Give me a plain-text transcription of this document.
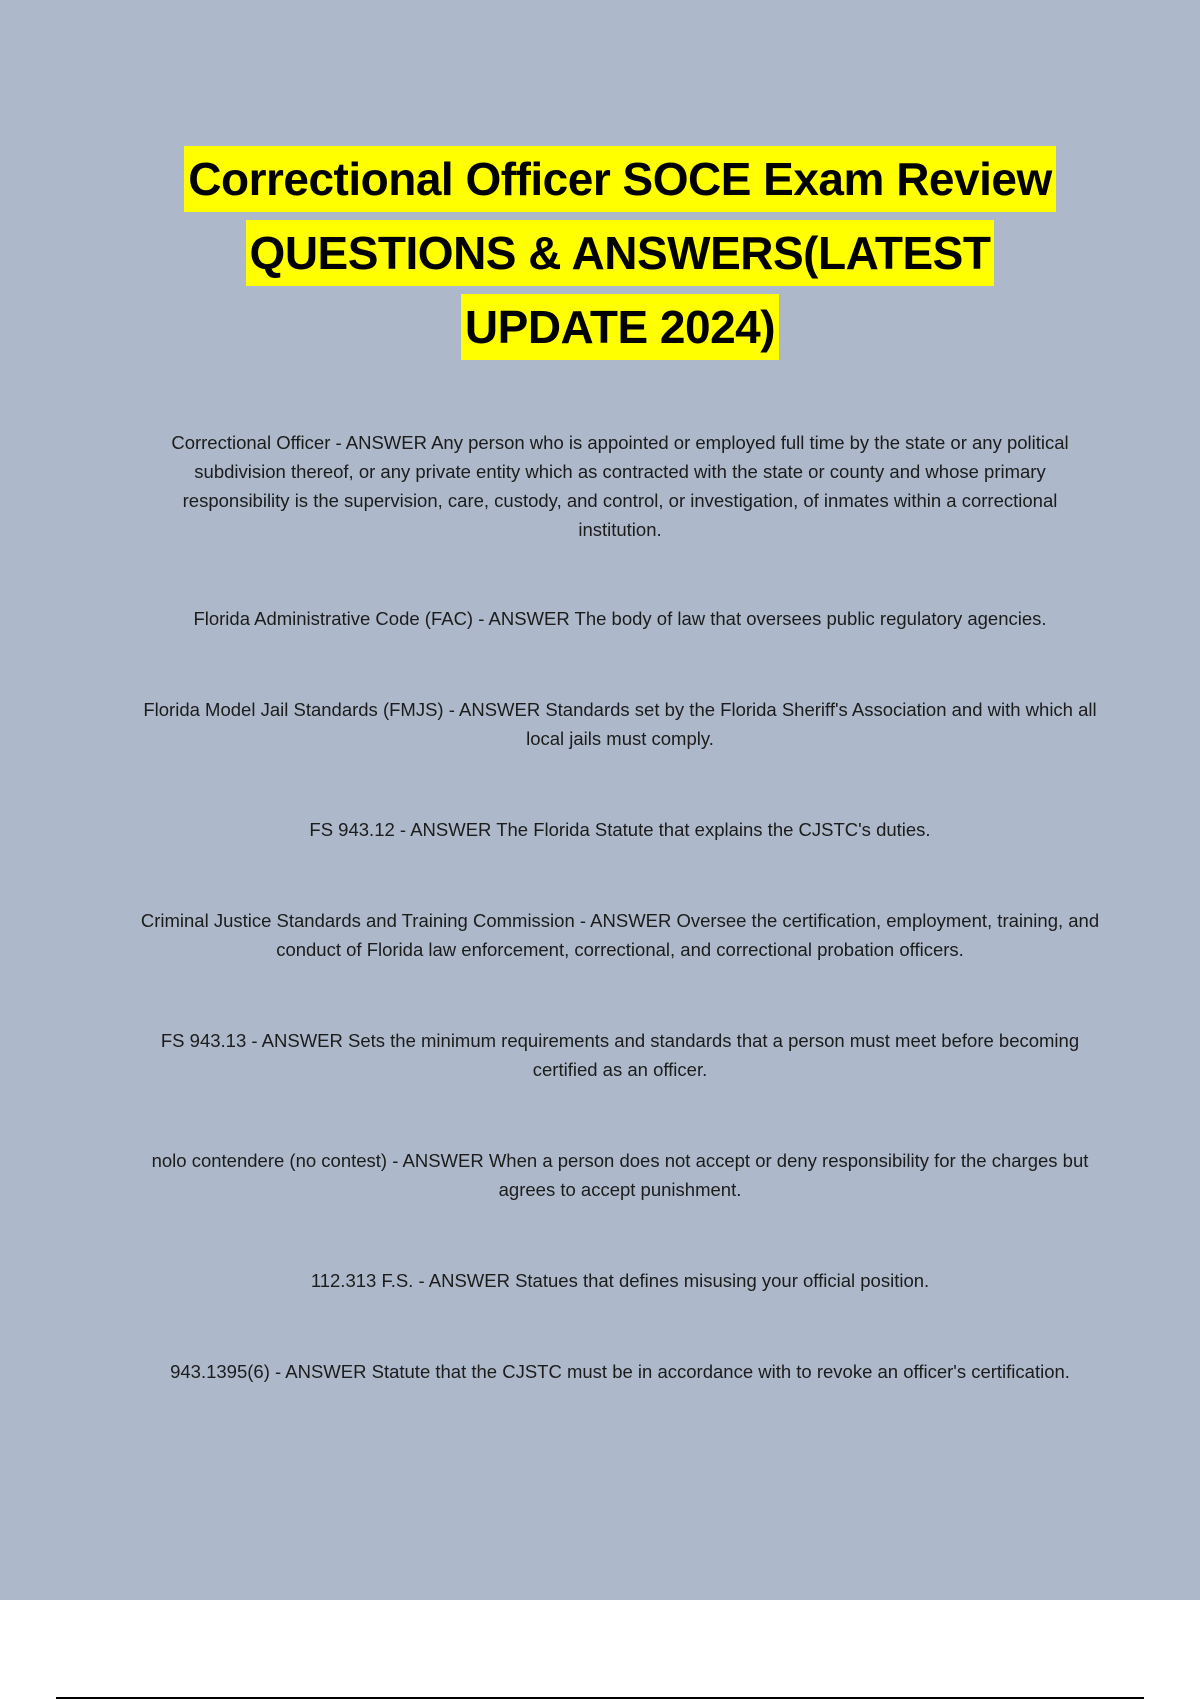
Correctional Officer SOCE Exam Review
QUESTIONS & ANSWERS(LATEST
UPDATE 2024)

Correctional Officer - ANSWER Any person who is appointed or employed full time by the state or any political subdivision thereof, or any private entity which as contracted with the state or county and whose primary responsibility is the supervision, care, custody, and control, or investigation, of inmates within a correctional institution.

Florida Administrative Code (FAC) - ANSWER The body of law that oversees public regulatory agencies.

Florida Model Jail Standards (FMJS) - ANSWER Standards set by the Florida Sheriff's Association and with which all local jails must comply.

FS 943.12 - ANSWER The Florida Statute that explains the CJSTC's duties.

Criminal Justice Standards and Training Commission - ANSWER Oversee the certification, employment, training, and conduct of Florida law enforcement, correctional, and correctional probation officers.

FS 943.13 - ANSWER Sets the minimum requirements and standards that a person must meet before becoming certified as an officer.

nolo contendere (no contest) - ANSWER When a person does not accept or deny responsibility for the charges but agrees to accept punishment.

112.313 F.S. - ANSWER Statues that defines misusing your official position.

943.1395(6) - ANSWER Statute that the CJSTC must be in accordance with to revoke an officer's certification.
